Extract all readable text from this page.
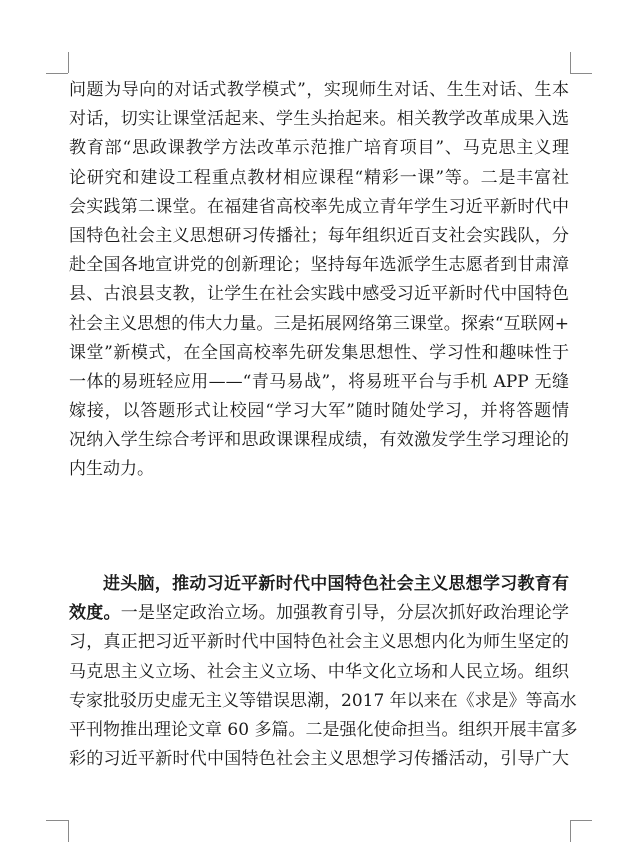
问题为导向的对话式教学模式”，实现师生对话、生生对话、生本
对话，切实让课堂活起来、学生头抬起来。相关教学改革成果入选
教育部“思政课教学方法改革示范推广培育项目”、马克思主义理
论研究和建设工程重点教材相应课程“精彩一课”等。二是丰富社
会实践第二课堂。在福建省高校率先成立青年学生习近平新时代中
国特色社会主义思想研习传播社；每年组织近百支社会实践队，分
赴全国各地宣讲党的创新理论；坚持每年选派学生志愿者到甘肃漳
县、古浪县支教，让学生在社会实践中感受习近平新时代中国特色
社会主义思想的伟大力量。三是拓展网络第三课堂。探索“互联网+
课堂”新模式，在全国高校率先研发集思想性、学习性和趣味性于
一体的易班轻应用——“青马易战”，将易班平台与手机 APP 无缝
嫁接，以答题形式让校园“学习大军”随时随处学习，并将答题情
况纳入学生综合考评和思政课课程成绩，有效激发学生学习理论的
内生动力。
进头脑，推动习近平新时代中国特色社会主义思想学习教育有
效度。一是坚定政治立场。加强教育引导，分层次抓好政治理论学
习，真正把习近平新时代中国特色社会主义思想内化为师生坚定的
马克思主义立场、社会主义立场、中华文化立场和人民立场。组织
专家批驳历史虚无主义等错误思潮，2017 年以来在《求是》等高水
平刊物推出理论文章 60 多篇。二是强化使命担当。组织开展丰富多
彩的习近平新时代中国特色社会主义思想学习传播活动，引导广大
